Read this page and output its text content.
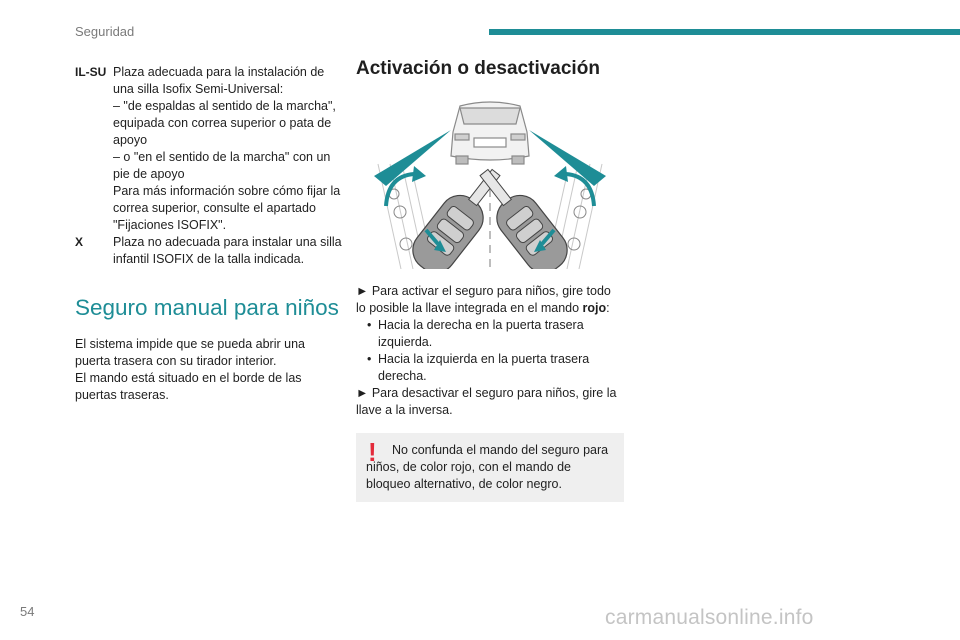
Seguridad
IL-SU Plaza adecuada para la instalación de una silla Isofix Semi-Universal:
– "de espaldas al sentido de la marcha", equipada con correa superior o pata de apoyo
– o "en el sentido de la marcha" con un pie de apoyo
Para más información sobre cómo fijar la correa superior, consulte el apartado "Fijaciones ISOFIX".
X	Plaza no adecuada para instalar una silla infantil ISOFIX de la talla indicada.
Seguro manual para niños
El sistema impide que se pueda abrir una puerta trasera con su tirador interior.
El mando está situado en el borde de las puertas traseras.
Activación o desactivación
► Para activar el seguro para niños, gire todo lo posible la llave integrada en el mando rojo:
• Hacia la derecha en la puerta trasera izquierda.
• Hacia la izquierda en la puerta trasera derecha.
► Para desactivar el seguro para niños, gire la llave a la inversa.
!	No confunda el mando del seguro para niños, de color rojo, con el mando de bloqueo alternativo, de color negro.
54	carmanualsonline.info
